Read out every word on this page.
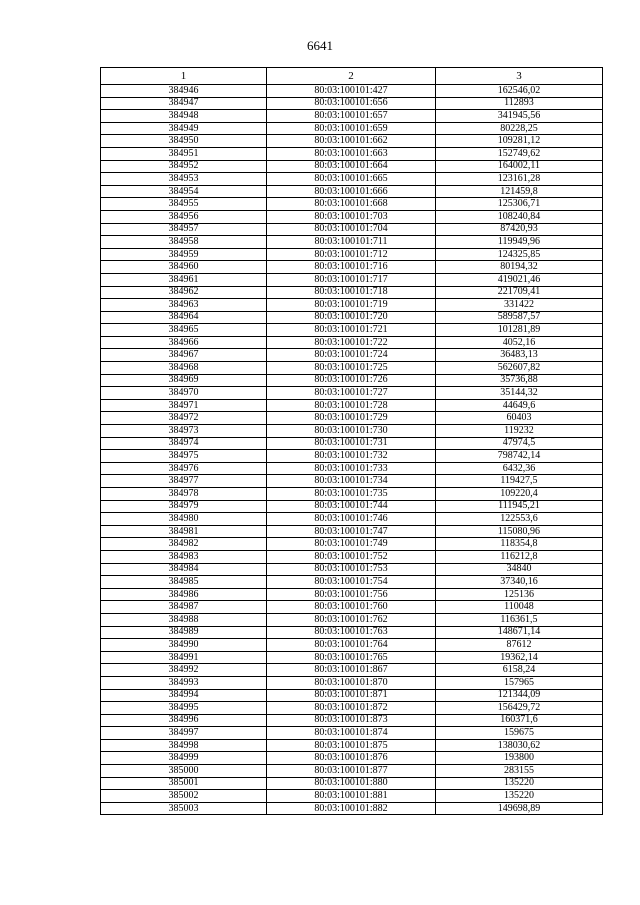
6641
1	2	3
384946	80:03:100101:427	162546,02
384947	80:03:100101:656	112893
384948	80:03:100101:657	341945,56
384949	80:03:100101:659	80228,25
384950	80:03:100101:662	109281,12
384951	80:03:100101:663	152749,62
384952	80:03:100101:664	164002,11
384953	80:03:100101:665	123161,28
384954	80:03:100101:666	121459,8
384955	80:03:100101:668	125306,71
384956	80:03:100101:703	108240,84
384957	80:03:100101:704	87420,93
384958	80:03:100101:711	119949,96
384959	80:03:100101:712	124325,85
384960	80:03:100101:716	80194,32
384961	80:03:100101:717	419021,46
384962	80:03:100101:718	221709,41
384963	80:03:100101:719	331422
384964	80:03:100101:720	589587,57
384965	80:03:100101:721	101281,89
384966	80:03:100101:722	4052,16
384967	80:03:100101:724	36483,13
384968	80:03:100101:725	562607,82
384969	80:03:100101:726	35736,88
384970	80:03:100101:727	35144,32
384971	80:03:100101:728	44649,6
384972	80:03:100101:729	60403
384973	80:03:100101:730	119232
384974	80:03:100101:731	47974,5
384975	80:03:100101:732	798742,14
384976	80:03:100101:733	6432,36
384977	80:03:100101:734	119427,5
384978	80:03:100101:735	109220,4
384979	80:03:100101:744	111945,21
384980	80:03:100101:746	122553,6
384981	80:03:100101:747	115080,96
384982	80:03:100101:749	118354,8
384983	80:03:100101:752	116212,8
384984	80:03:100101:753	34840
384985	80:03:100101:754	37340,16
384986	80:03:100101:756	125136
384987	80:03:100101:760	110048
384988	80:03:100101:762	116361,5
384989	80:03:100101:763	148671,14
384990	80:03:100101:764	87612
384991	80:03:100101:765	19362,14
384992	80:03:100101:867	6158,24
384993	80:03:100101:870	157965
384994	80:03:100101:871	121344,09
384995	80:03:100101:872	156429,72
384996	80:03:100101:873	160371,6
384997	80:03:100101:874	159675
384998	80:03:100101:875	138030,62
384999	80:03:100101:876	193800
385000	80:03:100101:877	283155
385001	80:03:100101:880	135220
385002	80:03:100101:881	135220
385003	80:03:100101:882	149698,89
